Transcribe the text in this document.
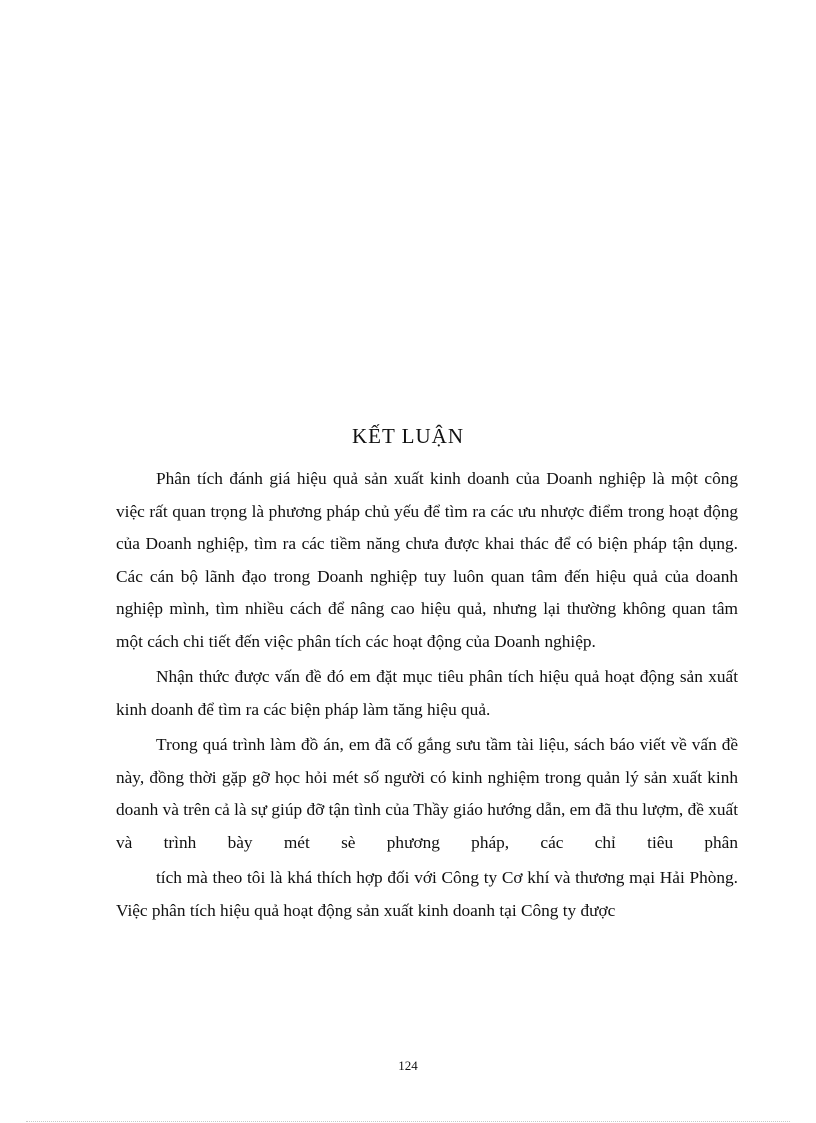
KẾT LUẬN

Phân tích đánh giá hiệu quả sản xuất kinh doanh của Doanh nghiệp là một công việc rất quan trọng là phương pháp chủ yếu để tìm ra các ưu nhược điểm trong hoạt động của Doanh nghiệp, tìm ra các tiềm năng chưa được khai thác để có biện pháp tận dụng. Các cán bộ lãnh đạo trong Doanh nghiệp tuy luôn quan tâm đến hiệu quả của doanh nghiệp mình, tìm nhiều cách để nâng cao hiệu quả, nhưng lại thường không quan tâm một cách chi tiết đến việc phân tích các hoạt động của Doanh nghiệp.

Nhận thức được vấn đề đó em đặt mục tiêu phân tích hiệu quả hoạt động sản xuất kinh doanh để tìm ra các biện pháp làm tăng hiệu quả.

Trong quá trình làm đồ án, em đã cố gắng sưu tầm tài liệu, sách báo viết về vấn đề này, đồng thời gặp gỡ học hỏi mét số người có kinh nghiệm trong quản lý sản xuất kinh doanh và trên cả là sự giúp đỡ tận tình của Thầy giáo hướng dẫn, em đã thu lượm, đề xuất và trình bày mét sè phương pháp, các chỉ tiêu phân

tích mà theo tôi là khá thích hợp đối với Công ty Cơ khí và thương mại Hải Phòng. Việc phân tích hiệu quả hoạt động sản xuất kinh doanh tại Công ty được

124
